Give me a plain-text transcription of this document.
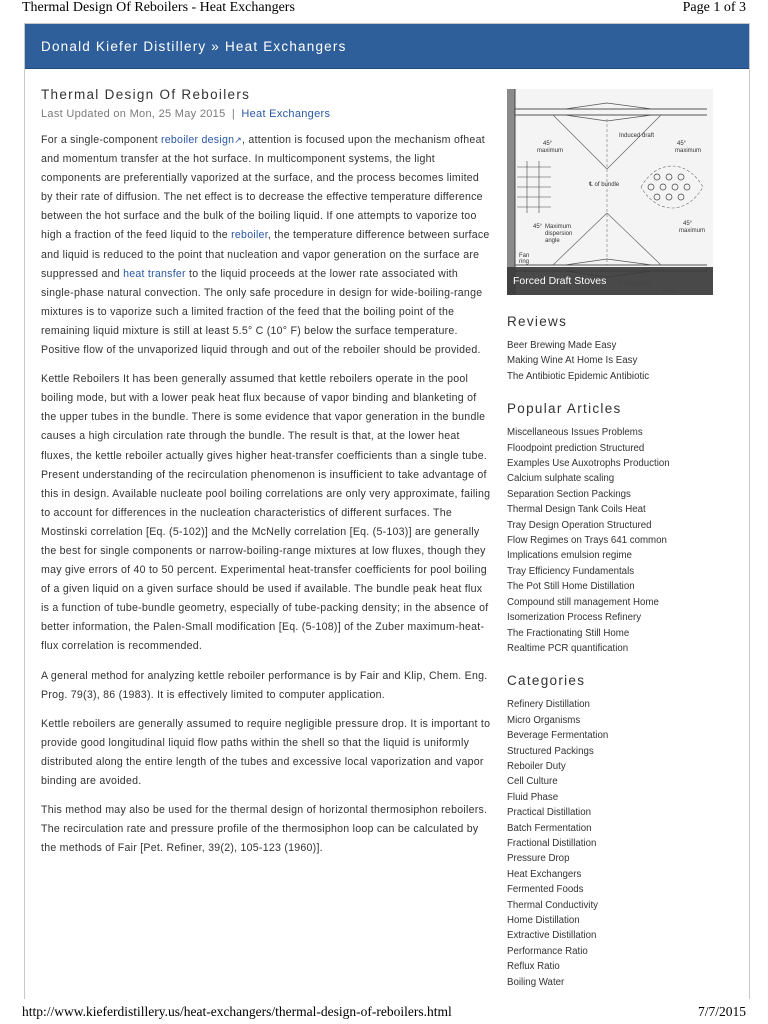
Thermal Design Of Reboilers - Heat Exchangers	Page 1 of 3
Donald Kiefer Distillery » Heat Exchangers
Thermal Design Of Reboilers
Last Updated on Mon, 25 May 2015 | Heat Exchangers

For a single-component reboiler design↗, attention is focused upon the mechanism ofheat and momentum transfer at the hot surface. In multicomponent systems, the light components are preferentially vaporized at the surface, and the process becomes limited by their rate of diffusion. The net effect is to decrease the effective temperature difference between the hot surface and the bulk of the boiling liquid. If one attempts to vaporize too high a fraction of the feed liquid to the reboiler, the temperature difference between surface and liquid is reduced to the point that nucleation and vapor generation on the surface are suppressed and heat transfer to the liquid proceeds at the lower rate associated with single-phase natural convection. The only safe procedure in design for wide-boiling-range mixtures is to vaporize such a limited fraction of the feed that the boiling point of the remaining liquid mixture is still at least 5.5° C (10° F) below the surface temperature. Positive flow of the unvaporized liquid through and out of the reboiler should be provided.

Kettle Reboilers It has been generally assumed that kettle reboilers operate in the pool boiling mode, but with a lower peak heat flux because of vapor binding and blanketing of the upper tubes in the bundle. There is some evidence that vapor generation in the bundle causes a high circulation rate through the bundle. The result is that, at the lower heat fluxes, the kettle reboiler actually gives higher heat-transfer coefficients than a single tube. Present understanding of the recirculation phenomenon is insufficient to take advantage of this in design. Available nucleate pool boiling correlations are only very approximate, failing to account for differences in the nucleation characteristics of different surfaces. The Mostinski correlation [Eq. (5-102)] and the McNelly correlation [Eq. (5-103)] are generally the best for single components or narrow-boiling-range mixtures at low fluxes, though they may give errors of 40 to 50 percent. Experimental heat-transfer coefficients for pool boiling of a given liquid on a given surface should be used if available. The bundle peak heat flux is a function of tube-bundle geometry, especially of tube-packing density; in the absence of better information, the Palen-Small modification [Eq. (5-108)] of the Zuber maximum-heat-flux correlation is recommended.

A general method for analyzing kettle reboiler performance is by Fair and Klip, Chem. Eng. Prog. 79(3), 86 (1983). It is effectively limited to computer application.

Kettle reboilers are generally assumed to require negligible pressure drop. It is important to provide good longitudinal liquid flow paths within the shell so that the liquid is uniformly distributed along the entire length of the tubes and excessive local vaporization and vapor binding are avoided.

This method may also be used for the thermal design of horizontal thermosiphon reboilers. The recirculation rate and pressure profile of the thermosiphon loop can be calculated by the methods of Fair [Pet. Refiner, 39(2), 105-123 (1960)].

Induced draft
45°
maximum
45°
maximum
℄ of bundle
45° Maximum
dispersion
angle
45°
maximum
Fan
ring
Forced Draft Stoves
Reviews
Beer Brewing Made Easy
Making Wine At Home Is Easy
The Antibiotic Epidemic Antibiotic
Popular Articles
Miscellaneous Issues Problems
Floodpoint prediction Structured
Examples Use Auxotrophs Production
Calcium sulphate scaling
Separation Section Packings
Thermal Design Tank Coils Heat
Tray Design Operation Structured
Flow Regimes on Trays 641 common
Implications emulsion regime
Tray Efficiency Fundamentals
The Pot Still Home Distillation
Compound still management Home
Isomerization Process Refinery
The Fractionating Still Home
Realtime PCR quantification
Categories
Refinery Distillation
Micro Organisms
Beverage Fermentation
Structured Packings
Reboiler Duty
Cell Culture
Fluid Phase
Practical Distillation
Batch Fermentation
Fractional Distillation
Pressure Drop
Heat Exchangers
Fermented Foods
Thermal Conductivity
Home Distillation
Extractive Distillation
Performance Ratio
Reflux Ratio
Boiling Water
http://www.kieferdistillery.us/heat-exchangers/thermal-design-of-reboilers.html	7/7/2015
